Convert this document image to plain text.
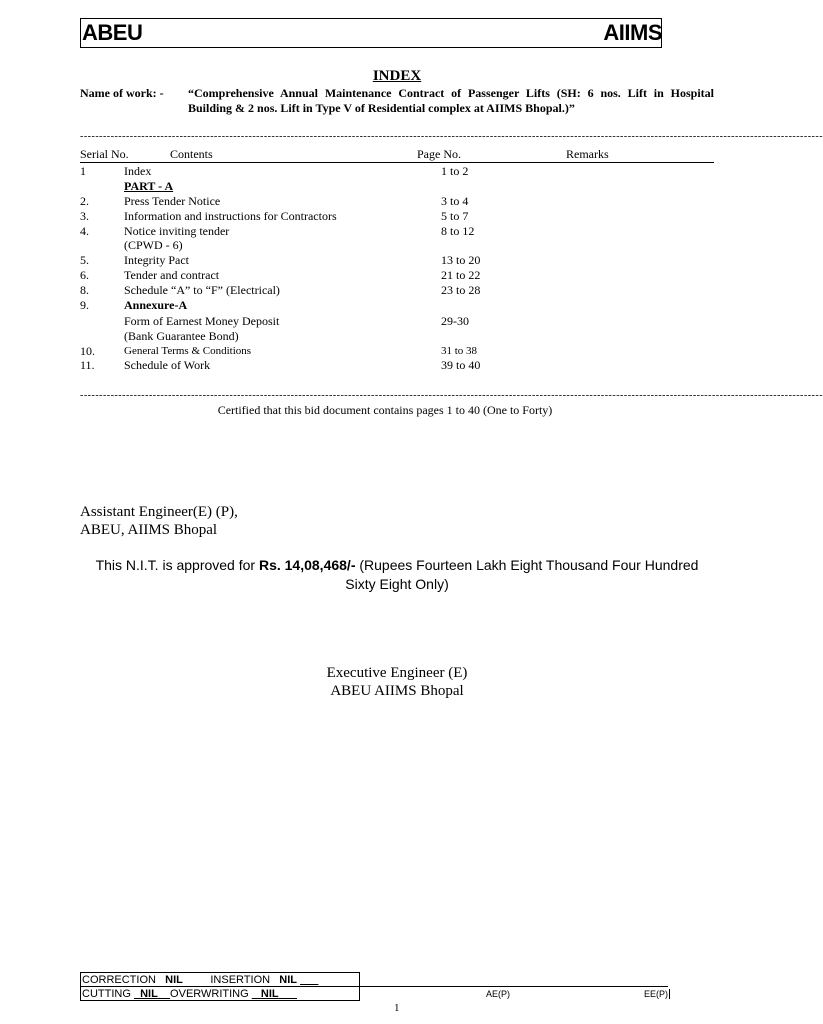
ABEU	AIIMS
INDEX
Name of work: - “Comprehensive Annual Maintenance Contract of Passenger Lifts (SH: 6 nos. Lift in Hospital Building & 2 nos. Lift in Type V of Residential complex at AIIMS Bhopal.)”
--------------------------------------------------------------------------------------------------------------------------------------------------------------------------------------------------
Serial No.	Contents	Page No.	Remarks
1	Index	1 to 2
PART - A
2.	Press Tender Notice	3 to 4
3.	Information and instructions for Contractors	5 to 7
4.	Notice inviting tender	8 to 12
(CPWD - 6)
5.	Integrity Pact	13 to 20
6.	Tender and contract	21 to 22
8.	Schedule “A” to “F” (Electrical)	23 to 28
9.	Annexure-A
Form of Earnest Money Deposit	29-30
(Bank Guarantee Bond)
10.	General Terms & Conditions	31 to 38
11. Schedule of Work	39 to 40
--------------------------------------------------------------------------------------------------------------------------------------------------------------------------------------------------
Certified that this bid document contains pages 1 to 40 (One to Forty)
Assistant Engineer(E) (P),
ABEU, AIIMS Bhopal
This N.I.T. is approved for Rs. 14,08,468/- (Rupees Fourteen Lakh Eight Thousand Four Hundred Sixty Eight Only)
Executive Engineer (E)
ABEU AIIMS Bhopal
CORRECTION NIL	INSERTION NIL
CUTTING NIL OVERWRITING NIL	AE(P)	EE(P)
1
